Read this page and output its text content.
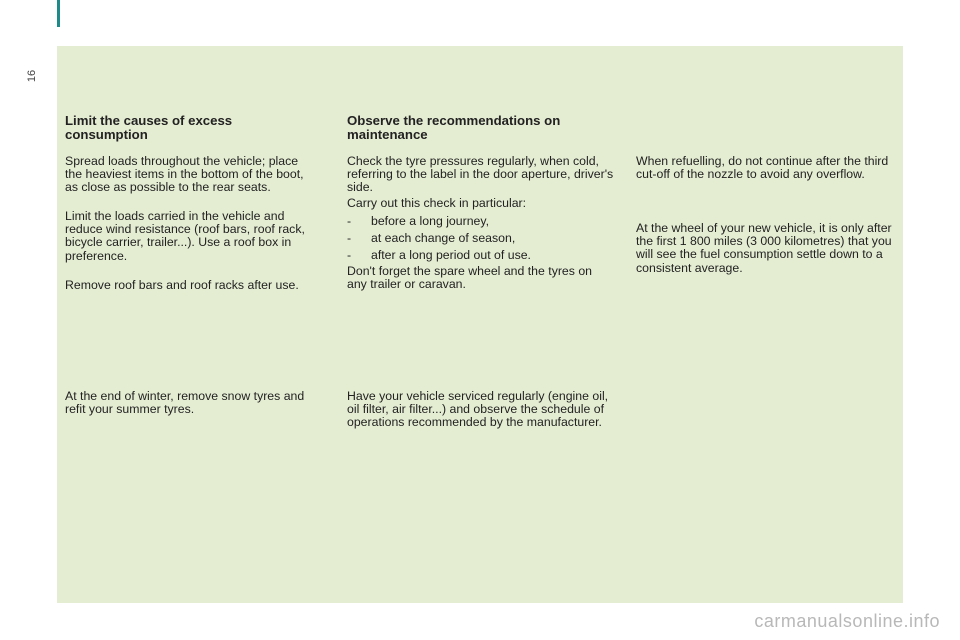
16
Limit the causes of excess consumption

Spread loads throughout the vehicle; place the heaviest items in the bottom of the boot, as close as possible to the rear seats.

Limit the loads carried in the vehicle and reduce wind resistance (roof bars, roof rack, bicycle carrier, trailer...). Use a roof box in preference.

Remove roof bars and roof racks after use.

At the end of winter, remove snow tyres and refit your summer tyres.

Observe the recommendations on maintenance

Check the tyre pressures regularly, when cold, referring to the label in the door aperture, driver's side.

Carry out this check in particular:

- before a long journey,
- at each change of season,
- after a long period out of use.

Don't forget the spare wheel and the tyres on any trailer or caravan.

Have your vehicle serviced regularly (engine oil, oil filter, air filter...) and observe the schedule of operations recommended by the manufacturer.

When refuelling, do not continue after the third cut-off of the nozzle to avoid any overflow.

At the wheel of your new vehicle, it is only after the first 1 800 miles (3 000 kilometres) that you will see the fuel consumption settle down to a consistent average.

carmanualsonline.info
